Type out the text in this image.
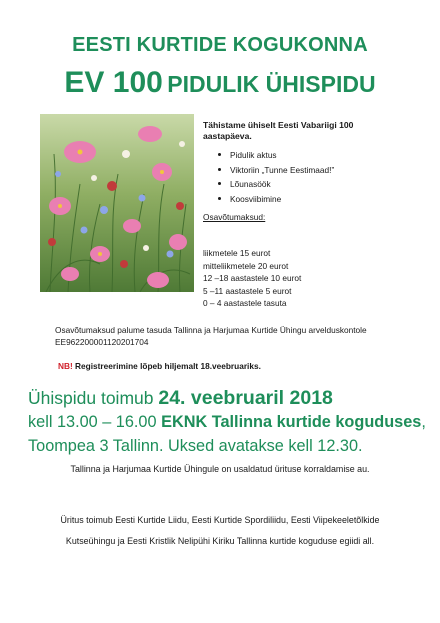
EESTI KURTIDE KOGUKONNA
EV 100 PIDULIK ÜHISPIDU
Tähistame ühiselt Eesti Vabariigi 100 aastapäeva.
Pidulik aktus
Viktoriin „Tunne Eestimaad!”
Lõunasöök
Koosviibimine
Osavõtumaksud:
liikmetele 15 eurot
mitteliikmetele 20 eurot
12 –18 aastastele 10 eurot
5 –11 aastastele 5 eurot
0 – 4 aastastele tasuta
Osavõtumaksud palume tasuda Tallinna ja Harjumaa Kurtide Ühingu arvelduskontole EE962200001120201704
NB! Registreerimine lõpeb hiljemalt 18.veebruariks.
Ühispidu toimub 24. veebruaril 2018
kell 13.00 – 16.00 EKNK Tallinna kurtide koguduses,
Toompea 3 Tallinn. Uksed avatakse kell 12.30.
Tallinna ja Harjumaa Kurtide Ühingule on usaldatud ürituse korraldamise au.
Üritus toimub Eesti Kurtide Liidu, Eesti Kurtide Spordiliidu, Eesti Viipekeeletõlkide Kutseühingu ja Eesti Kristlik Nelipühi Kiriku Tallinna kurtide koguduse egiidi all.
